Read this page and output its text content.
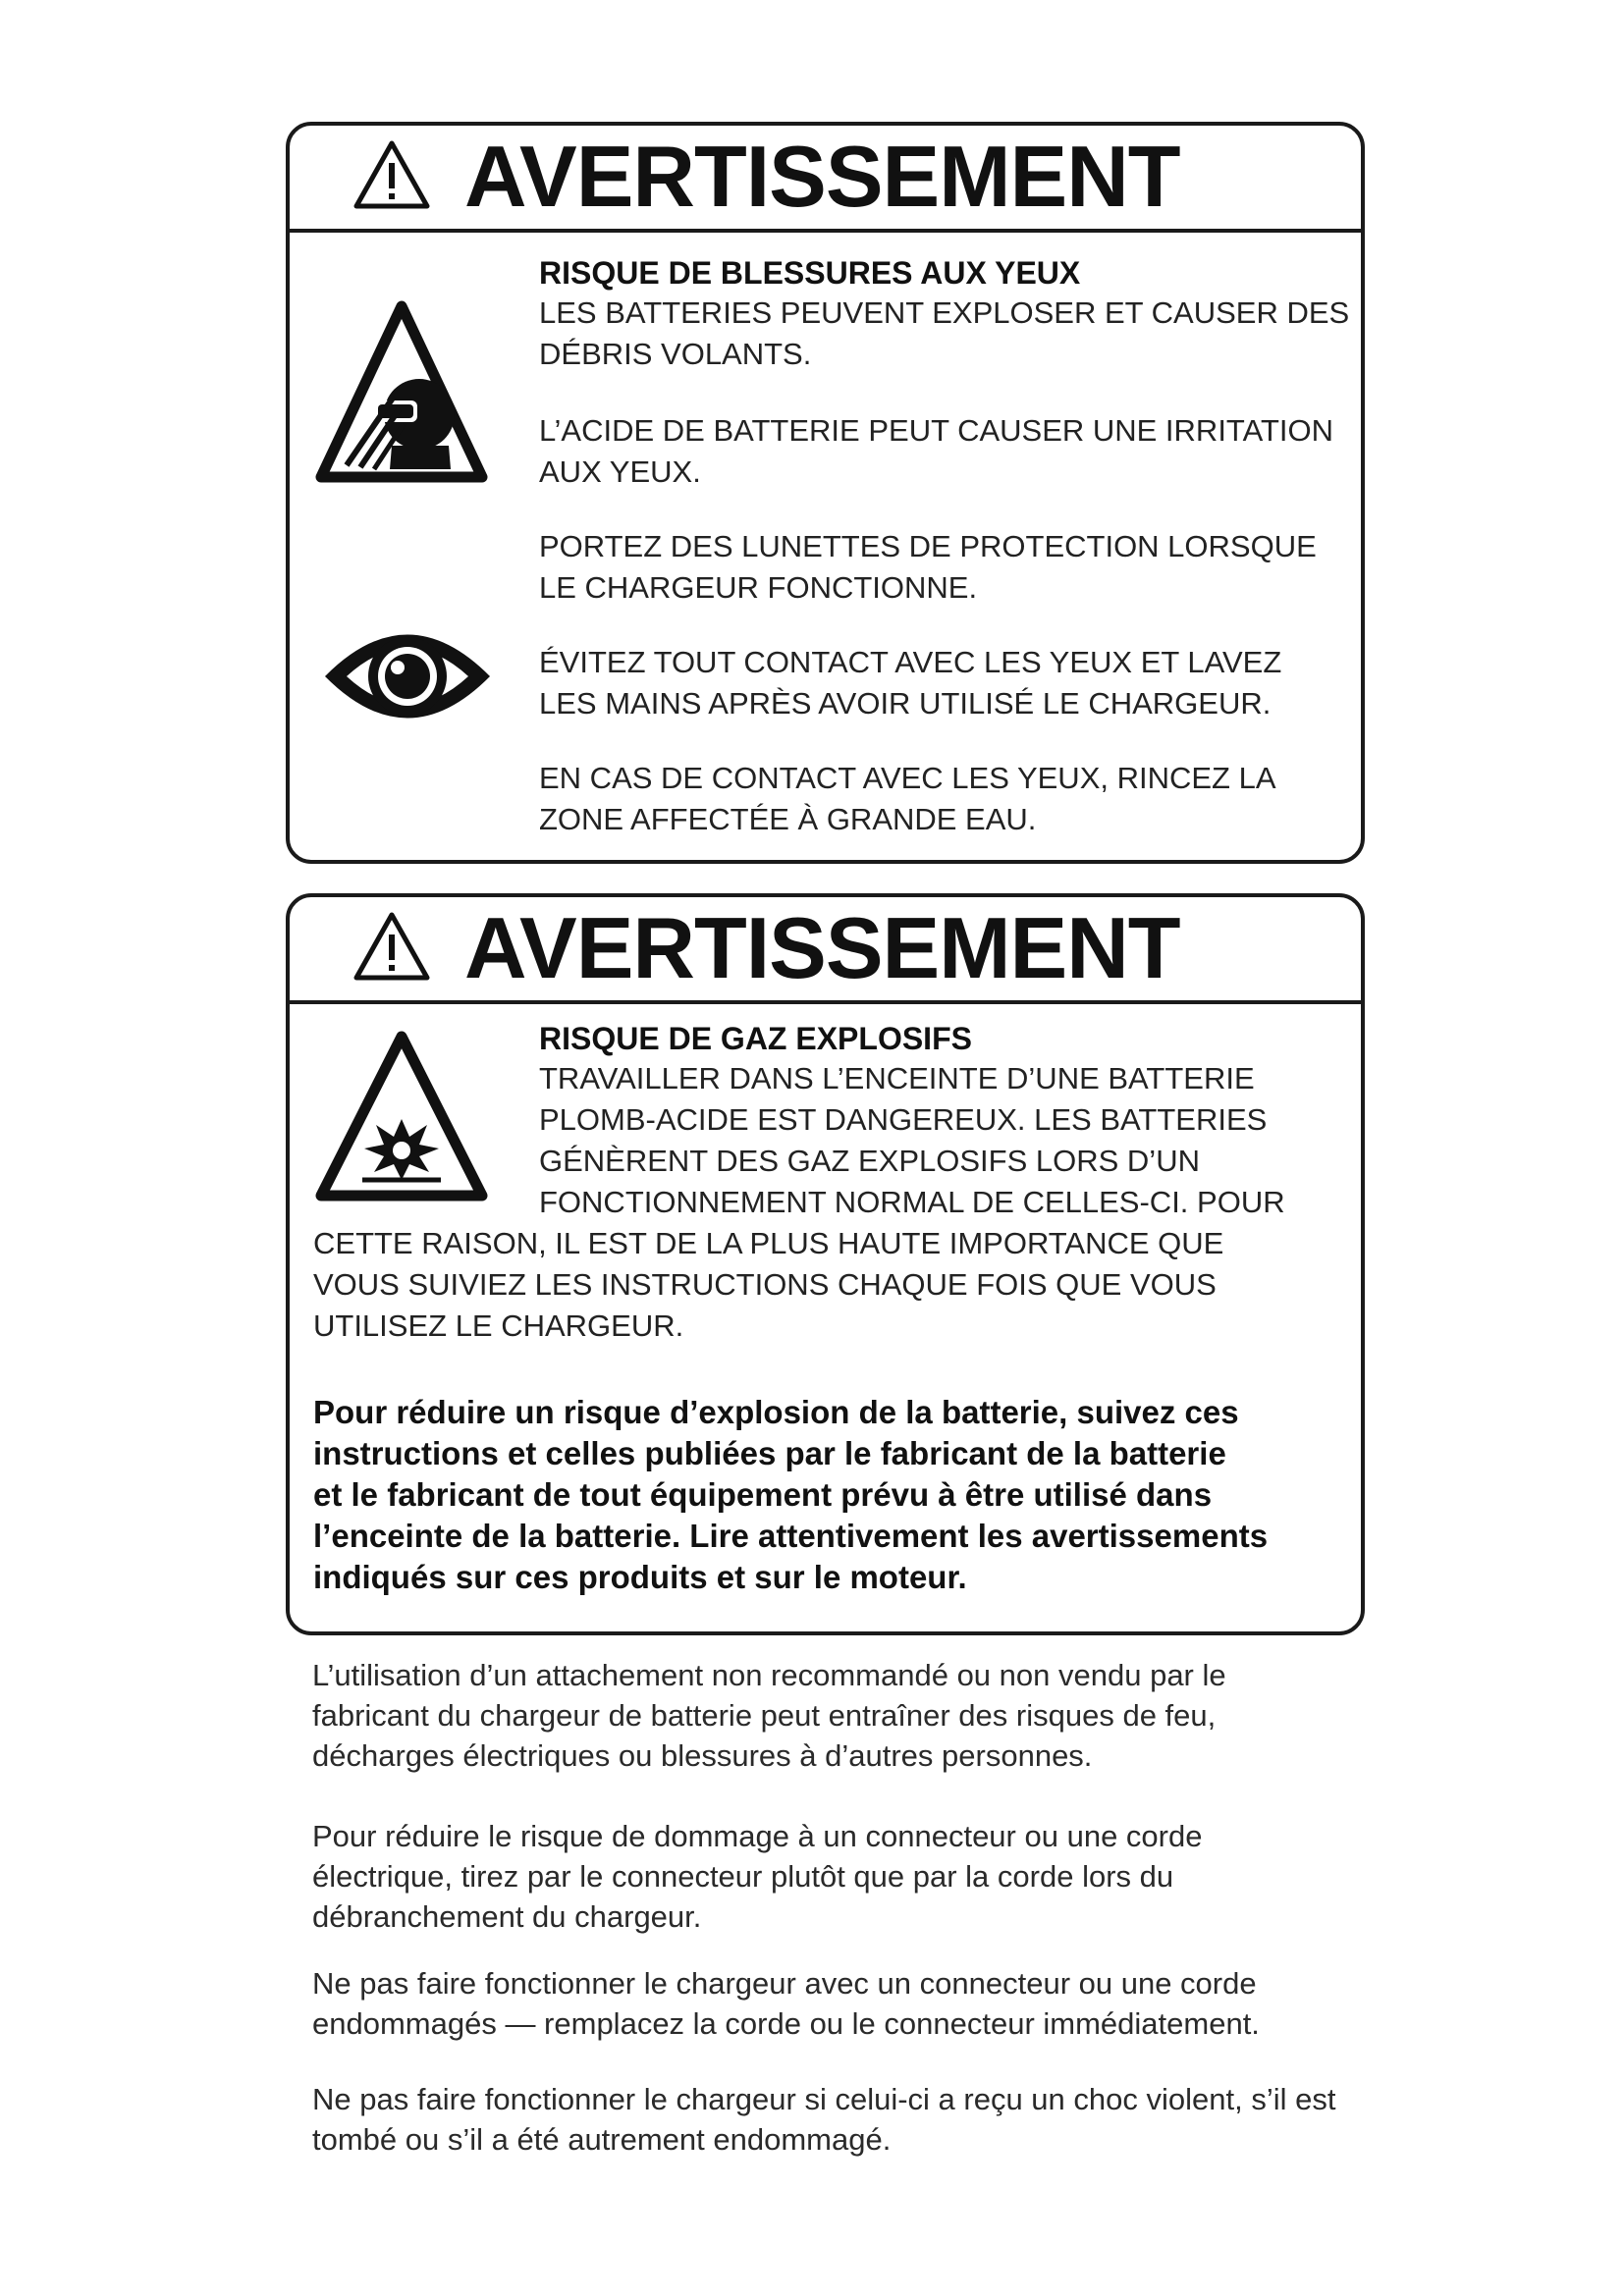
AVERTISSEMENT
RISQUE DE BLESSURES AUX YEUX

LES BATTERIES PEUVENT EXPLOSER ET CAUSER DES
DÉBRIS VOLANTS.

L’ACIDE DE BATTERIE PEUT CAUSER UNE IRRITATION
AUX YEUX.

PORTEZ DES LUNETTES DE PROTECTION LORSQUE
LE CHARGEUR FONCTIONNE.

ÉVITEZ TOUT CONTACT AVEC LES YEUX ET LAVEZ
LES MAINS APRÈS AVOIR UTILISÉ LE CHARGEUR.

EN CAS DE CONTACT AVEC LES YEUX, RINCEZ LA
ZONE AFFECTÉE À GRANDE EAU.

AVERTISSEMENT
RISQUE DE GAZ EXPLOSIFS

TRAVAILLER DANS L’ENCEINTE D’UNE BATTERIE
PLOMB-ACIDE EST DANGEREUX. LES BATTERIES
GÉNÈRENT DES GAZ EXPLOSIFS LORS D’UN
FONCTIONNEMENT NORMAL DE CELLES-CI. POUR

CETTE RAISON, IL EST DE LA PLUS HAUTE IMPORTANCE QUE
VOUS SUIVIEZ LES INSTRUCTIONS CHAQUE FOIS QUE VOUS
UTILISEZ LE CHARGEUR.

Pour réduire un risque d’explosion de la batterie, suivez ces
instructions et celles publiées par le fabricant de la batterie
et le fabricant de tout équipement prévu à être utilisé dans
l’enceinte de la batterie. Lire attentivement les avertissements
indiqués sur ces produits et sur le moteur.

L’utilisation d’un attachement non recommandé ou non vendu par le
fabricant du chargeur de batterie peut entraîner des risques de feu,
décharges électriques ou blessures à d’autres personnes.

Pour réduire le risque de dommage à un connecteur ou une corde
électrique, tirez par le connecteur plutôt que par la corde lors du
débranchement du chargeur.

Ne pas faire fonctionner le chargeur avec un connecteur ou une corde
endommagés — remplacez la corde ou le connecteur immédiatement.

Ne pas faire fonctionner le chargeur si celui-ci a reçu un choc violent, s’il est
tombé ou s’il a été autrement endommagé.
